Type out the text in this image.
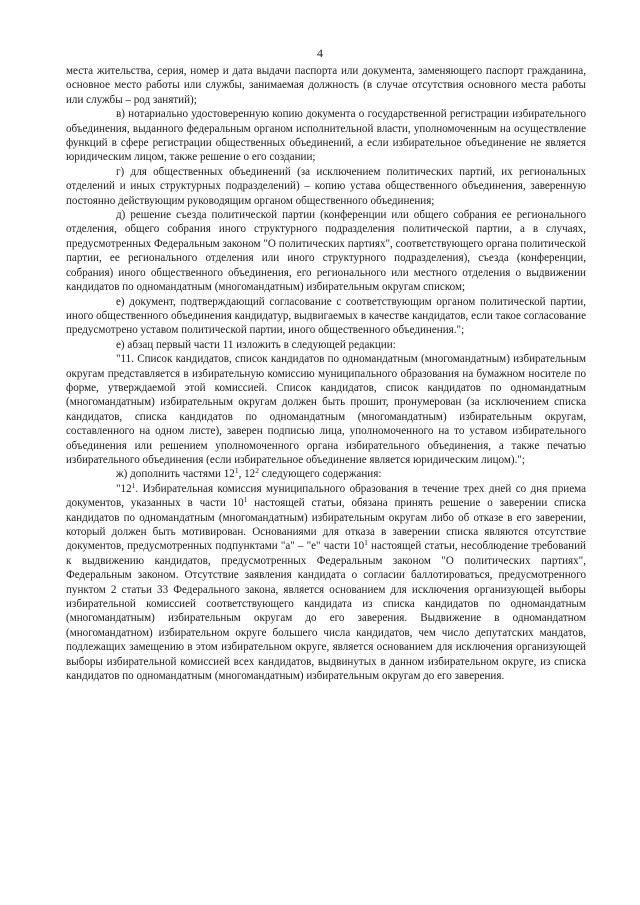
4

места жительства, серия, номер и дата выдачи паспорта или документа, заменяющего паспорт гражданина, основное место работы или службы, занимаемая должность (в случае отсутствия основного места работы или службы – род занятий);

в) нотариально удостоверенную копию документа о государственной регистрации избирательного объединения, выданного федеральным органом исполнительной власти, уполномоченным на осуществление функций в сфере регистрации общественных объединений, а если избирательное объединение не является юридическим лицом, также решение о его создании;

г) для общественных объединений (за исключением политических партий, их региональных отделений и иных структурных подразделений) – копию устава общественного объединения, заверенную постоянно действующим руководящим органом общественного объединения;

д) решение съезда политической партии (конференции или общего собрания ее регионального отделения, общего собрания иного структурного подразделения политической партии, а в случаях, предусмотренных Федеральным законом "О политических партиях", соответствующего органа политической партии, ее регионального отделения или иного структурного подразделения), съезда (конференции, собрания) иного общественного объединения, его регионального или местного отделения о выдвижении кандидатов по одномандатным (многомандатным) избирательным округам списком;

е) документ, подтверждающий согласование с соответствующим органом политической партии, иного общественного объединения кандидатур, выдвигаемых в качестве кандидатов, если такое согласование предусмотрено уставом политической партии, иного общественного объединения.";

е) абзац первый части 11 изложить в следующей редакции:

"11. Список кандидатов, список кандидатов по одномандатным (многомандатным) избирательным округам представляется в избирательную комиссию муниципального образования на бумажном носителе по форме, утверждаемой этой комиссией. Список кандидатов, список кандидатов по одномандатным (многомандатным) избирательным округам должен быть прошит, пронумерован (за исключением списка кандидатов, списка кандидатов по одномандатным (многомандатным) избирательным округам, составленного на одном листе), заверен подписью лица, уполномоченного на то уставом избирательного объединения или решением уполномоченного органа избирательного объединения, а также печатью избирательного объединения (если избирательное объединение является юридическим лицом).";

ж) дополнить частями $12^1$, $12^2$ следующего содержания:

"$12^1$. Избирательная комиссия муниципального образования в течение трех дней со дня приема документов, указанных в части $10^1$ настоящей статьи, обязана принять решение о заверении списка кандидатов по одномандатным (многомандатным) избирательным округам либо об отказе в его заверении, который должен быть мотивирован. Основаниями для отказа в заверении списка являются отсутствие документов, предусмотренных подпунктами "а" – "е" части $10^1$ настоящей статьи, несоблюдение требований к выдвижению кандидатов, предусмотренных Федеральным законом "О политических партиях", Федеральным законом. Отсутствие заявления кандидата о согласии баллотироваться, предусмотренного пунктом 2 статьи 33 Федерального закона, является основанием для исключения организующей выборы избирательной комиссией соответствующего кандидата из списка кандидатов по одномандатным (многомандатным) избирательным округам до его заверения. Выдвижение в одномандатном (многомандатном) избирательном округе большего числа кандидатов, чем число депутатских мандатов, подлежащих замещению в этом избирательном округе, является основанием для исключения организующей выборы избирательной комиссией всех кандидатов, выдвинутых в данном избирательном округе, из списка кандидатов по одномандатным (многомандатным) избирательным округам до его заверения.
